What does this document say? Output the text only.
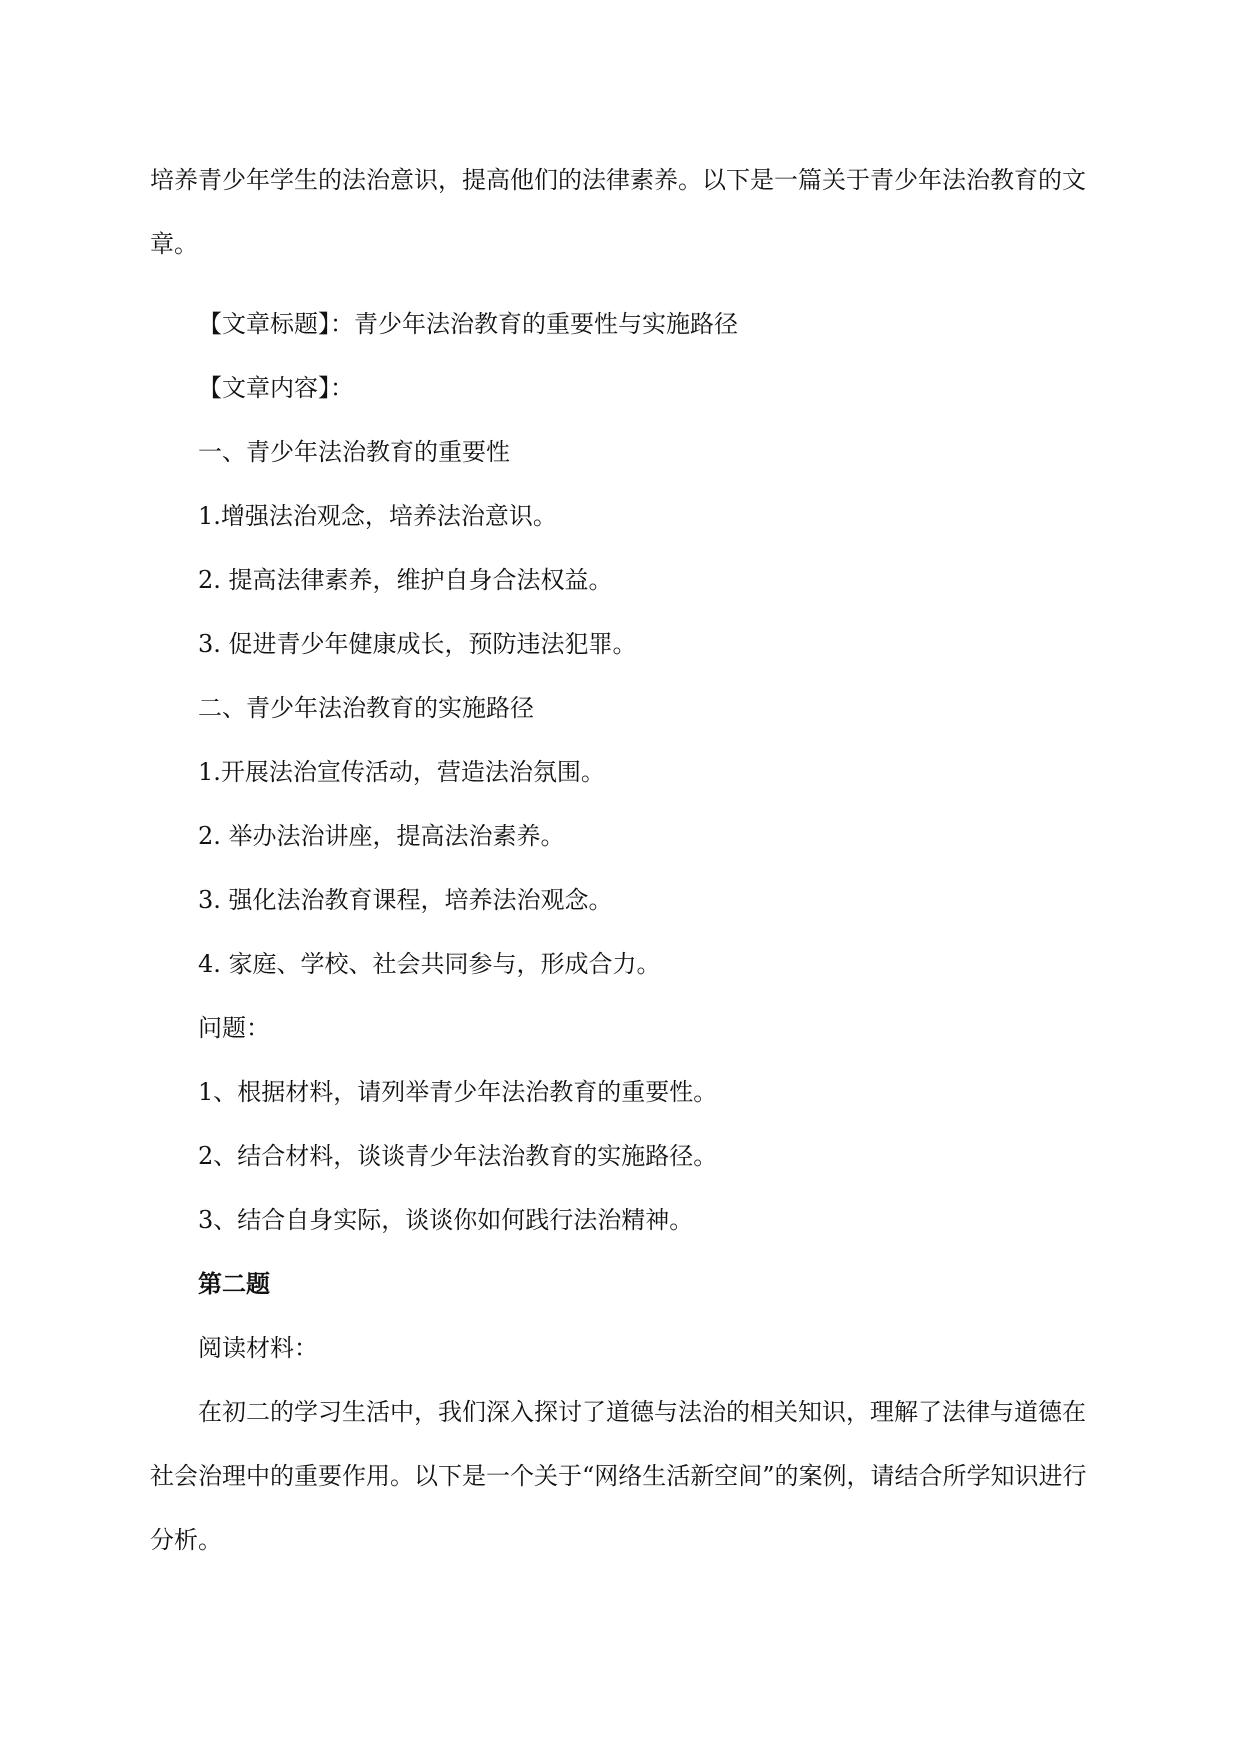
培养青少年学生的法治意识，提高他们的法律素养。以下是一篇关于青少年法治教育的文章。

【文章标题】：青少年法治教育的重要性与实施路径

【文章内容】：

一、青少年法治教育的重要性

1.增强法治观念，培养法治意识。

2. 提高法律素养，维护自身合法权益。

3. 促进青少年健康成长，预防违法犯罪。

二、青少年法治教育的实施路径

1.开展法治宣传活动，营造法治氛围。

2. 举办法治讲座，提高法治素养。

3. 强化法治教育课程，培养法治观念。

4. 家庭、学校、社会共同参与，形成合力。

问题：

1、根据材料，请列举青少年法治教育的重要性。

2、结合材料，谈谈青少年法治教育的实施路径。

3、结合自身实际，谈谈你如何践行法治精神。

第二题

阅读材料：

在初二的学习生活中，我们深入探讨了道德与法治的相关知识，理解了法律与道德在社会治理中的重要作用。以下是一个关于“网络生活新空间”的案例，请结合所学知识进行分析。
